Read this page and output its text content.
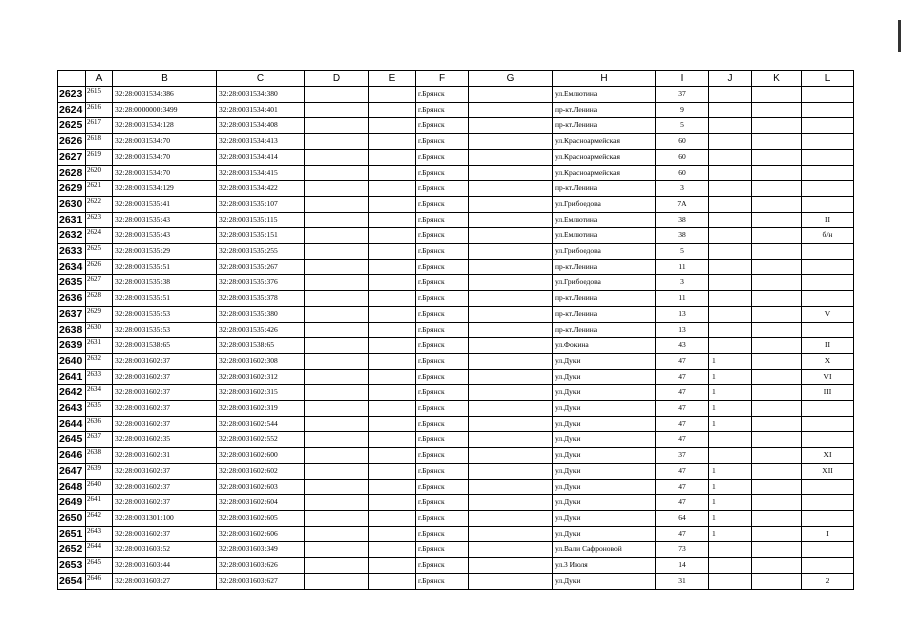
-	-
	A	B	C	D	E	F	G	H	I	J	K	L
2623	2615	32:28:0031534:386	32:28:0031534:380			г.Брянск		ул.Емлютина	37			
2624	2616	32:28:0000000:3499	32:28:0031534:401			г.Брянск		пр-кт.Ленина	9			
2625	2617	32:28:0031534:128	32:28:0031534:408			г.Брянск		пр-кт.Ленина	5			
2626	2618	32:28:0031534:70	32:28:0031534:413			г.Брянск		ул.Красноармейская	60			
2627	2619	32:28:0031534:70	32:28:0031534:414			г.Брянск		ул.Красноармейская	60			
2628	2620	32:28:0031534:70	32:28:0031534:415			г.Брянск		ул.Красноармейская	60			
2629	2621	32:28:0031534:129	32:28:0031534:422			г.Брянск		пр-кт.Ленина	3			
2630	2622	32:28:0031535:41	32:28:0031535:107			г.Брянск		ул.Грибоедова	7А			
2631	2623	32:28:0031535:43	32:28:0031535:115			г.Брянск		ул.Емлютина	38			II
2632	2624	32:28:0031535:43	32:28:0031535:151			г.Брянск		ул.Емлютина	38			б/н
2633	2625	32:28:0031535:29	32:28:0031535:255			г.Брянск		ул.Грибоедова	5			
2634	2626	32:28:0031535:51	32:28:0031535:267			г.Брянск		пр-кт.Ленина	11			
2635	2627	32:28:0031535:38	32:28:0031535:376			г.Брянск		ул.Грибоедова	3			
2636	2628	32:28:0031535:51	32:28:0031535:378			г.Брянск		пр-кт.Ленина	11			
2637	2629	32:28:0031535:53	32:28:0031535:380			г.Брянск		пр-кт.Ленина	13			V
2638	2630	32:28:0031535:53	32:28:0031535:426			г.Брянск		пр-кт.Ленина	13			
2639	2631	32:28:0031538:65	32:28:0031538:65			г.Брянск		ул.Фокина	43			II
2640	2632	32:28:0031602:37	32:28:0031602:308			г.Брянск		ул.Дуки	47	1		X
2641	2633	32:28:0031602:37	32:28:0031602:312			г.Брянск		ул.Дуки	47	1		VI
2642	2634	32:28:0031602:37	32:28:0031602:315			г.Брянск		ул.Дуки	47	1		III
2643	2635	32:28:0031602:37	32:28:0031602:319			г.Брянск		ул.Дуки	47	1		
2644	2636	32:28:0031602:37	32:28:0031602:544			г.Брянск		ул.Дуки	47	1		
2645	2637	32:28:0031602:35	32:28:0031602:552			г.Брянск		ул.Дуки	47			
2646	2638	32:28:0031602:31	32:28:0031602:600			г.Брянск		ул.Дуки	37			XI
2647	2639	32:28:0031602:37	32:28:0031602:602			г.Брянск		ул.Дуки	47	1		XII
2648	2640	32:28:0031602:37	32:28:0031602:603			г.Брянск		ул.Дуки	47	1		
2649	2641	32:28:0031602:37	32:28:0031602:604			г.Брянск		ул.Дуки	47	1		
2650	2642	32:28:0031301:100	32:28:0031602:605			г.Брянск		ул.Дуки	64	1		
2651	2643	32:28:0031602:37	32:28:0031602:606			г.Брянск		ул.Дуки	47	1		I
2652	2644	32:28:0031603:52	32:28:0031603:349			г.Брянск		ул.Вали Сафроновой	73			
2653	2645	32:28:0031603:44	32:28:0031603:626			г.Брянск		ул.3 Июля	14			
2654	2646	32:28:0031603:27	32:28:0031603:627			г.Брянск		ул.Дуки	31			2
